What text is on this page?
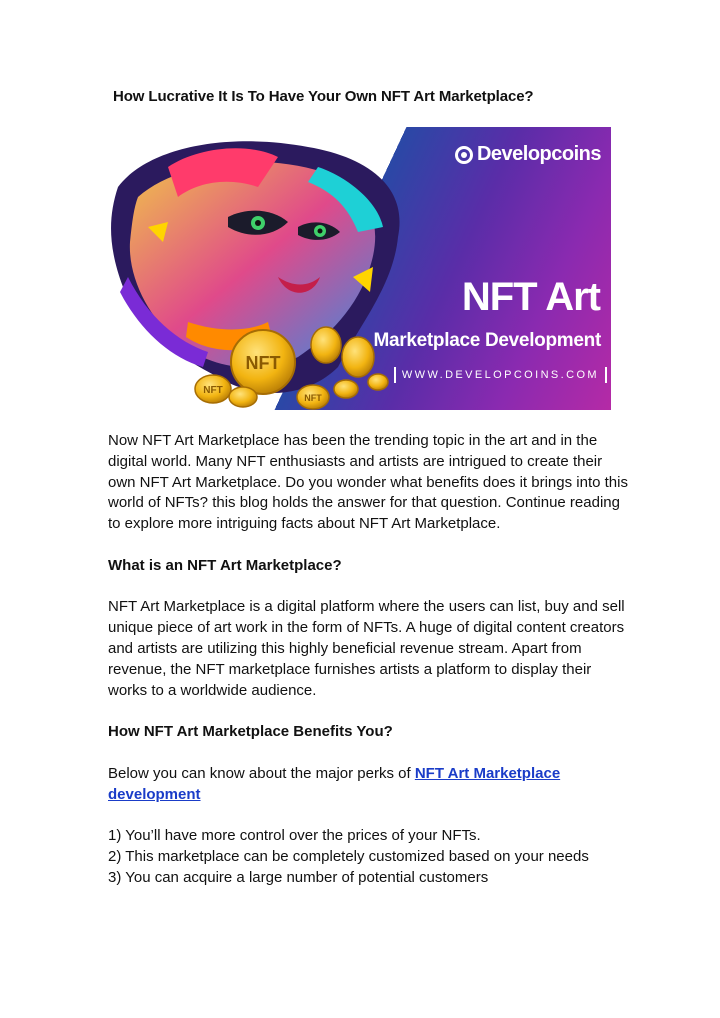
How Lucrative It Is To Have Your Own NFT Art Marketplace?
NFT
NFT
NFT
Developcoins
NFT Art

Marketplace Development

WWW.DEVELOPCOINS.COM

Now NFT Art Marketplace has been the trending topic in the art and in the digital world. Many NFT enthusiasts and artists are intrigued to create their own NFT Art Marketplace. Do you wonder what benefits does it brings into this world of NFTs? this blog holds the answer for that question. Continue reading to explore more intriguing facts about NFT Art Marketplace.

What is an NFT Art Marketplace?

NFT Art Marketplace is a digital platform where the users can list, buy and sell unique piece of art work in the form of NFTs. A huge of digital content creators and artists are utilizing this highly beneficial revenue stream. Apart from revenue, the NFT marketplace furnishes artists a platform to display their works to a worldwide audience.

How NFT Art Marketplace Benefits You?

Below you can know about the major perks of NFT Art Marketplace development

1) You’ll have more control over the prices of your NFTs.
2) This marketplace can be completely customized based on your needs
3) You can acquire a large number of potential customers
